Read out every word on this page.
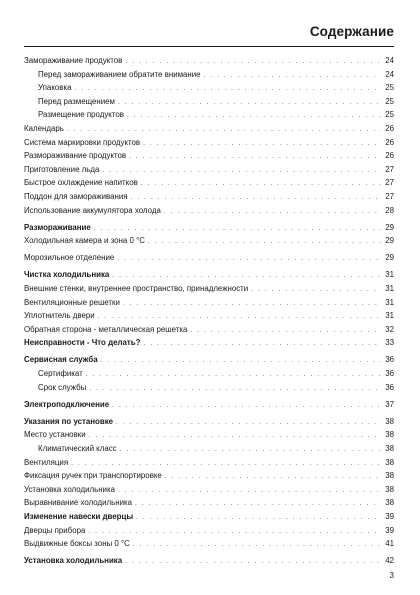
Содержание
Замораживание продуктов . . .	24
Перед замораживанием обратите внимание . . .	24
Упаковка . . .	25
Перед размещением . . .	25
Размещение продуктов . . .	25
Календарь . . .	26
Система маркировки продуктов . . .	26
Размораживание продуктов . . .	26
Приготовление льда . . .	27
Быстрое охлаждение напитков . . .	27
Поддон для замораживания . . .	27
Использование аккумулятора холода . . .	28
Размораживание . . .	29
Холодильная камера и зона 0 °C . . .	29
Морозильное отделение . . .	29
Чистка холодильника . . .	31
Внешние стенки, внутреннее пространство, принадлежности . . .	31
Вентиляционные решетки . . .	31
Уплотнитель двери . . .	31
Обратная сторона - металлическая решетка . . .	32
Неисправности - Что делать? . . .	33
Сервисная служба . . .	36
Сертификат . . .	36
Срок службы . . .	36
Электроподключение . . .	37
Указания по установке . . .	38
Место установки . . .	38
Климатический класс . . .	38
Вентиляция . . .	38
Фиксация ручек при транспортировке . . .	38
Установка холодильника . . .	38
Выравнивание холодильника . . .	38
Изменение навески дверцы . . .	39
Дверцы прибора . . .	39
Выдвижные боксы зоны 0 °C . . .	41
Установка холодильника . . .	42
3
